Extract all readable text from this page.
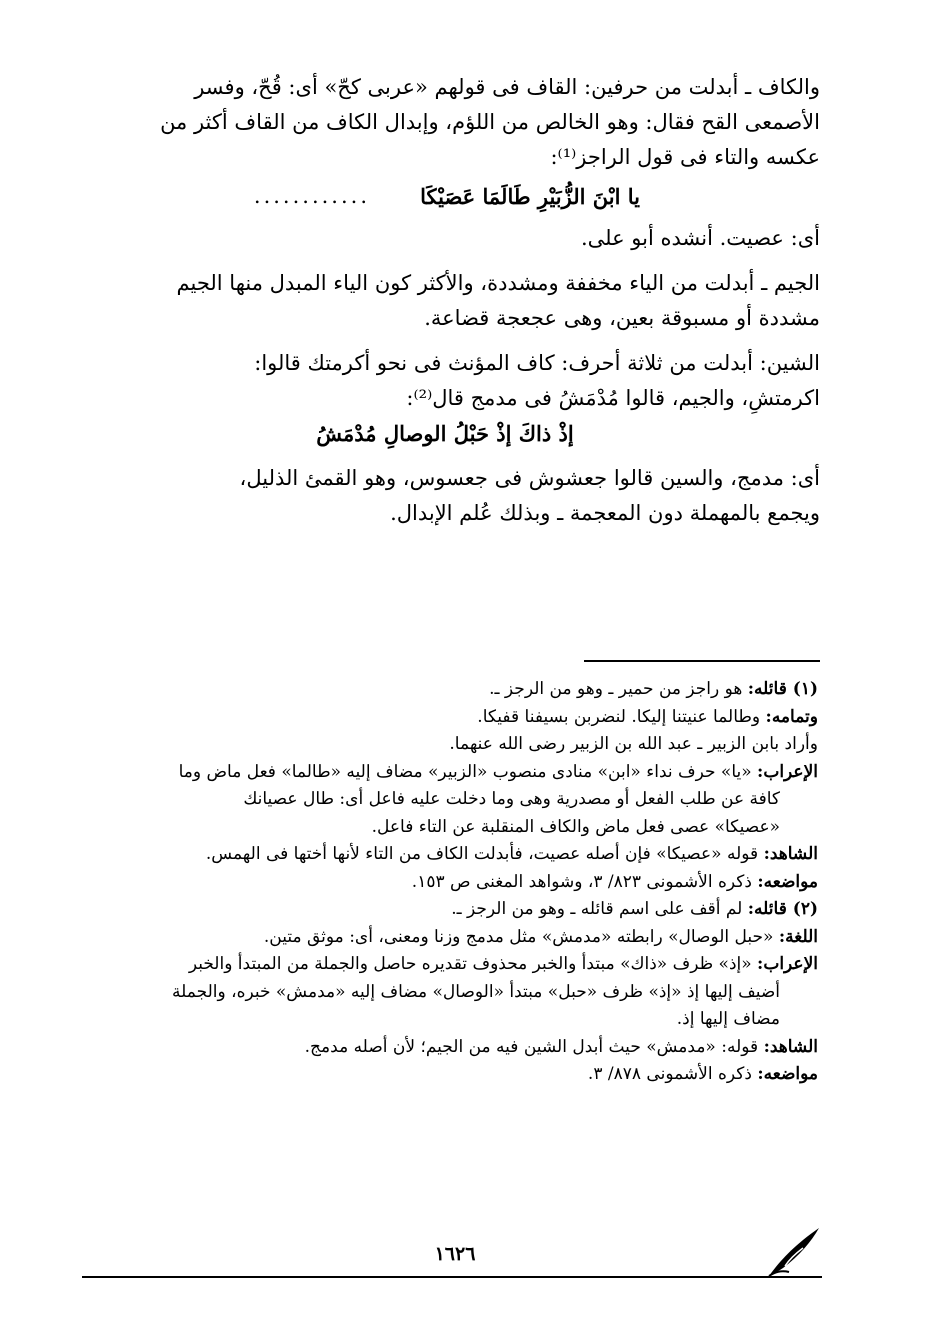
والكاف ـ أبدلت من حرفين: القاف فى قولهم «عربى كحّ» أى: قُحّ، وفسر
الأصمعى القح فقال: وهو الخالص من اللؤم، وإبدال الكاف من القاف أكثر من
عكسه والتاء فى قول الراجز⁽¹⁾:
يا ابْنَ الزُّبَيْرِ طَالَمَا عَصَيْكَا
............
أى: عصيت. أنشده أبو على.
الجيم ـ أبدلت من الياء مخففة ومشددة، والأكثر كون الياء المبدل منها الجيم
مشددة أو مسبوقة بعين، وهى عجعجة قضاعة.
الشين: أبدلت من ثلاثة أحرف: كاف المؤنث فى نحو أكرمتك قالوا:
اكرمتشِ، والجيم، قالوا مُدْمَشُ فى مدمج قال⁽²⁾:
إذْ ذاكَ إذْ حَبْلُ الوصالِ مُدْمَشُ
أى: مدمج، والسين قالوا جعشوش فى جعسوس، وهو القمئ الذليل،
ويجمع بالمهملة دون المعجمة ـ وبذلك عُلم الإبدال.
(١) قائله: هو راجز من حمير ـ وهو من الرجز ـ.
وتمامه: وطالما عنيتنا إليكا. لنضربن بسيفنا قفيكا.
وأراد بابن الزبير ـ عبد الله بن الزبير رضى الله عنهما.
الإعراب: «يا» حرف نداء «ابن» منادى منصوب «الزبير» مضاف إليه «طالما» فعل ماض وما
كافة عن طلب الفعل أو مصدرية وهى وما دخلت عليه فاعل أى: طال عصيانك
«عصيكا» عصى فعل ماض والكاف المنقلبة عن التاء فاعل.
الشاهد: قوله «عصيكا» فإن أصله عصيت، فأبدلت الكاف من التاء لأنها أختها فى الهمس.
مواضعه: ذكره الأشمونى ٨٢٣/ ٣، وشواهد المغنى ص ١٥٣.
(٢) قائله: لم أقف على اسم قائله ـ وهو من الرجز ـ.
اللغة: «حبل الوصال» رابطته «مدمش» مثل مدمج وزنا ومعنى، أى: موثق متين.
الإعراب: «إذ» ظرف «ذاك» مبتدأ والخبر محذوف تقديره حاصل والجملة من المبتدأ والخبر
أضيف إليها إذ «إذ» ظرف «حبل» مبتدأ «الوصال» مضاف إليه «مدمش» خبره، والجملة
مضاف إليها إذ.
الشاهد: قوله: «مدمش» حيث أبدل الشين فيه من الجيم؛ لأن أصله مدمج.
مواضعه: ذكره الأشمونى ٨٧٨/ ٣.
١٦٢٦
